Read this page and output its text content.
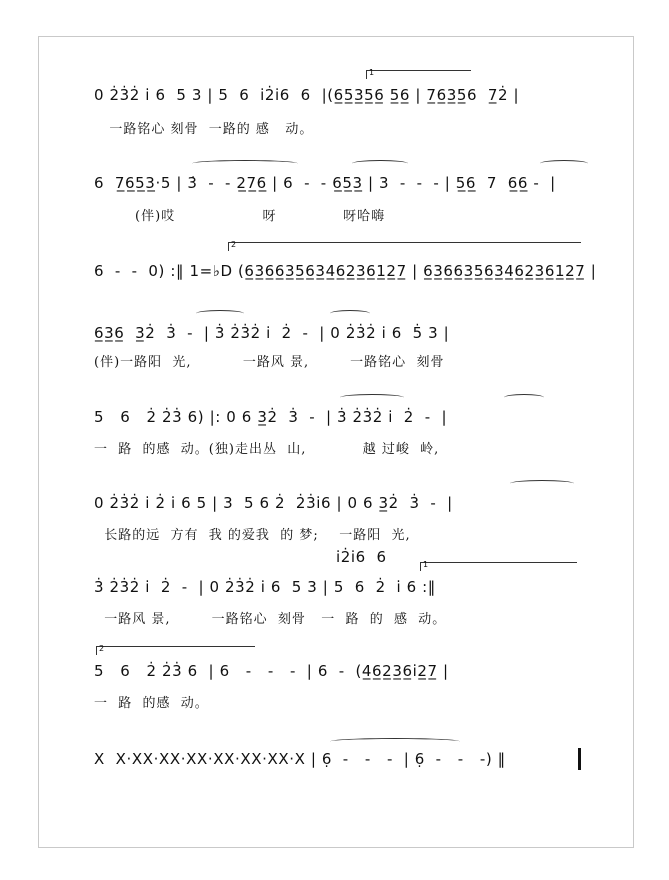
0 2̇3̇2̇ i̇ 6  5 3 | 5  6  i̇2̇i̇6  6  |(6̲5̲3̲5̲6̲ 5̲6̲ | 7̲6̲3̲5̲6  7̲2̇ |
一路铭心 刻骨  一路的 感   动。
1
6  7̲6̲5̲3̲·5 | 3̇  -  - 2̲7̲6̲ | 6  -  - 6̲5̲3̲ | 3  -  -  - | 5̲6̲  7  6̲6̲ -  |
(伴)哎                 呀             呀哈嗨
6  -  -  0) :‖ 1=♭D (6̲3̲6̲6̲3̲5̲6̲3̲4̲6̲2̲3̲6̲1̲2̲7̲ | 6̲3̲6̲6̲3̲5̲6̲3̲4̲6̲2̲3̲6̲1̲2̲7̲ |
2
6̲3̲6̲  3̲2̇  3̇  -  | 3̇ 2̇3̇2̇ i̇  2̇  -  | 0 2̇3̇2̇ i̇ 6  5̇ 3 |
(伴)一路阳  光,          一路风 景,        一路铭心  刻骨
5   6   2̇ 2̇3̇ 6) |: 0 6 3̲2̇  3̇  -  | 3̇ 2̇3̇2̇ i̇  2̇  -  |
一  路  的感  动。(独)走出丛  山,           越 过峻  岭,
0 2̇3̇2̇ i̇ 2̇ i̇ 6 5 | 3  5 6 2̇  2̇3̇i̇6 | 0 6 3̲2̇  3̇  -  |
长路的远  方有  我 的爱我  的 梦;    一路阳  光,
i̇2̇i̇6  6
3̇ 2̇3̇2̇ i̇  2̇  -  | 0 2̇3̇2̇ i̇ 6  5 3 | 5  6  2̇  i̇ 6 :‖
一路风 景,        一路铭心  刻骨   一  路  的  感  动。
1
5   6   2̇ 2̇3̇ 6  | 6   -   -   -  | 6  -  (4̲6̲2̲3̲6̲i̇2̲7̲ |
一  路  的感  动。
2
X  X·XX·XX·XX·XX·XX·XX·X | 6̣  -   -   -  | 6̣  -   -   -) ‖
